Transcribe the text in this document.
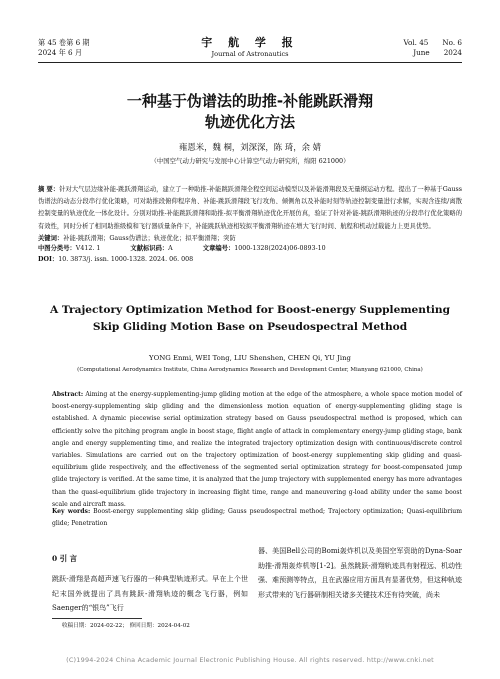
第 45 卷第 6 期
2024 年 6 月
宇 航 学 报
Journal of Astronautics
Vol. 45 No. 6
June 2024
一种基于伪谱法的助推-补能跳跃滑翔
轨迹优化方法
雍恩米，魏 桐，刘深深，陈 琦，余 婧
（中国空气动力研究与发展中心计算空气动力研究所，绵阳 621000）
摘 要：针对大气层边缘补能-跳跃滑翔运动，建立了一种助推-补能跳跃滑翔全程空间运动模型以及补能滑翔段及无量纲运动方程。提出了一种基于Gauss伪谱法的动态分段串行优化策略，可对助推段俯仰程序角、补能-跳跃滑翔段飞行攻角、倾侧角以及补能时刻等轨迹控制变量进行求解，实现含连续/离散控制变量的轨迹优化一体化设计。分别对助推-补能跳跃滑翔和助推-拟平衡滑翔轨迹优化开展仿真，验证了针对补能-跳跃滑翔轨迹的分段串行优化策略的有效性，同时分析了相同助推级模和飞行器质量条件下，补能跳跃轨迹相较拟平衡滑翔轨迹在增大飞行时间、航程和机动过载能力上更具优势。
关键词：补能-跳跃滑翔；Gauss伪谱法；轨迹优化；拟平衡滑翔；突防
中图分类号：V412. 1	文献标识码：A	文章编号：1000-1328(2024)06-0893-10
DOI：10. 3873/j. issn. 1000-1328. 2024. 06. 008
A Trajectory Optimization Method for Boost-energy Supplementing
Skip Gliding Motion Base on Pseudospectral Method
YONG Enmi, WEI Tong, LIU Shenshen, CHEN Qi, YU Jing
(Computational Aerodynamics Institute, China Aerodynamics Research and Development Center, Mianyang 621000, China)
Abstract: Aiming at the energy-supplementing-jump gliding motion at the edge of the atmosphere, a whole space motion model of boost-energy-supplementing skip gliding and the dimensionless motion equation of energy-supplementing gliding stage is established. A dynamic piecewise serial optimization strategy based on Gauss pseudospectral method is proposed, which can efficiently solve the pitching program angle in boost stage, flight angle of attack in complementary energy-jump gliding stage, bank angle and energy supplementing time, and realize the integrated trajectory optimization design with continuous/discrete control variables. Simulations are carried out on the trajectory optimization of boost-energy supplementing skip gliding and quasi-equilibrium glide respectively, and the effectiveness of the segmented serial optimization strategy for boost-compensated jump glide trajectory is verified. At the same time, it is analyzed that the jump trajectory with supplemented energy has more advantages than the quasi-equilibrium glide trajectory in increasing flight time, range and maneuvering g-load ability under the same boost scale and aircraft mass.
Key words: Boost-energy supplementing skip gliding; Gauss pseudospectral method; Trajectory optimization; Quasi-equilibrium glide; Penetration
0 引 言
跳跃-滑翔是高超声速飞行器的一种典型轨迹形式。早在上个世纪末国外就提出了具有跳跃-滑翔轨迹的概念飞行器，例如Saenger的“银鸟”飞行
器、美国Bell公司的Bomi轰炸机以及美国空军资助的Dyna-Soar助推-滑翔轰炸机等[1-2]。虽然跳跃-滑翔轨迹具有射程远、机动性强、难预测等特点，且在武器应用方面具有显著优势，但这种轨迹形式带来的飞行器研制相关诸多关键技术还有待突破，尚未
收稿日期：2024-02-22； 修回日期：2024-04-02
(C)1994-2024 China Academic Journal Electronic Publishing House. All rights reserved. http://www.cnki.net
